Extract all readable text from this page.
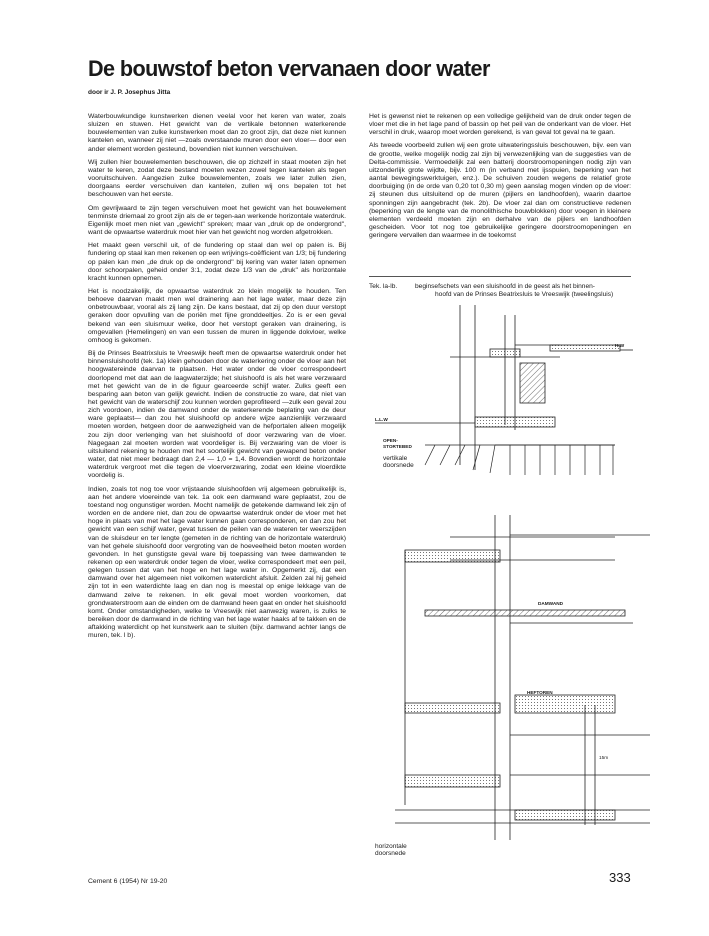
De bouwstof beton vervanaen door water
door ir J. P. Josephus Jitta

Waterbouwkundige kunstwerken dienen veelal voor het keren van water, zoals sluizen en stuwen. Het gewicht van de vertikale betonnen waterkerende bouwelementen van zulke kunstwerken moet dan zo groot zijn, dat deze niet kunnen kantelen en, wanneer zij niet —zoals overstaande muren door een vloer— door een ander element worden gesteund, bovendien niet kunnen verschuiven.

Wij zullen hier bouwelementen beschouwen, die op zichzelf in staat moeten zijn het water te keren, zodat deze bestand moeten wezen zowel tegen kantelen als tegen vooruitschuiven. Aangezien zulke bouwelementen, zoals we later zullen zien, doorgaans eerder verschuiven dan kantelen, zullen wij ons bepalen tot het beschouwen van het eerste.

Om gevrijwaard te zijn tegen verschuiven moet het gewicht van het bouwelement tenminste driemaal zo groot zijn als de er tegen-aan werkende horizontale waterdruk. Eigenlijk moet men niet van „gewicht" spreken; maar van „druk op de ondergrond", want de opwaartse waterdruk moet hier van het gewicht nog worden afgetrokken.

Het maakt geen verschil uit, of de fundering op staal dan wel op palen is. Bij fundering op staal kan men rekenen op een wrijvings-coëfficient van 1/3; bij fundering op palen kan men „de druk op de ondergrond" bij kering van water laten opnemen door schoorpalen, geheid onder 3:1, zodat deze 1/3 van de „druk" als horizontale kracht kunnen opnemen.

Het is noodzakelijk, de opwaartse waterdruk zo klein mogelijk te houden. Ten behoeve daarvan maakt men wel drainering aan het lage water, maar deze zijn onbetrouwbaar, vooral als zij lang zijn. De kans bestaat, dat zij op den duur verstopt geraken door opvulling van de poriën met fijne gronddeeltjes. Zo is er een geval bekend van een sluismuur welke, door het verstopt geraken van drainering, is omgevallen (Hemelingen) en van een tussen de muren in liggende dokvloer, welke omhoog is gekomen.

Bij de Prinses Beatrixsluis te Vreeswijk heeft men de opwaartse waterdruk onder het binnensluishoofd (tek. 1a) klein gehouden door de waterkering onder de vloer aan het hoogwatereinde daarvan te plaatsen. Het water onder de vloer correspondeert doorlopend met dat aan de laagwaterzijde; het sluishoofd is als het ware verzwaard met het gewicht van de in de figuur gearceerde schijf water. Zulks geeft een besparing aan beton van gelijk gewicht. Indien de constructie zo ware, dat niet van het gewicht van de waterschijf zou kunnen worden geprofiteerd —zulk een geval zou zich voordoen, indien de damwand onder de waterkerende beplating van de deur ware geplaatst— dan zou het sluishoofd op andere wijze aanzienlijk verzwaard moeten worden, hetgeen door de aanwezigheid van de hefportalen alleen mogelijk zou zijn door verlenging van het sluishoofd of door verzwaring van de vloer. Nagegaan zal moeten worden wat voordeliger is. Bij verzwaring van de vloer is uitsluitend rekening te houden met het soortelijk gewicht van gewapend beton onder water, dat niet meer bedraagt dan 2,4 — 1,0 = 1,4. Bovendien wordt de horizontale waterdruk vergroot met die tegen de vloerverzwaring, zodat een kleine vloerdikte voordelig is.

Indien, zoals tot nog toe voor vrijstaande sluishoofden vrij algemeen gebruikelijk is, aan het andere vloereinde van tek. 1a ook een damwand ware geplaatst, zou de toestand nog ongunstiger worden. Mocht namelijk de getekende damwand lek zijn of worden en de andere niet, dan zou de opwaartse waterdruk onder de vloer met het hoge in plaats van met het lage water kunnen gaan corresponderen, en dan zou het gewicht van een schijf water, gevat tussen de peilen van de wateren ter weerszijden van de sluisdeur en ter lengte (gemeten in de richting van de horizontale waterdruk) van het gehele sluishoofd door vergroting van de hoeveelheid beton moeten worden gevonden. In het gunstigste geval ware bij toepassing van twee damwanden te rekenen op een waterdruk onder tegen de vloer, welke correspondeert met een peil, gelegen tussen dat van het hoge en het lage water in. Opgemerkt zij, dat een damwand over het algemeen niet volkomen waterdicht afsluit. Zelden zal hij geheid zijn tot in een waterdichte laag en dan nog is meestal op enige lekkage van de damwand zelve te rekenen. In elk geval moet worden voorkomen, dat grondwaterstroom aan de einden om de damwand heen gaat en onder het sluishoofd komt. Onder omstandigheden, welke te Vreeswijk niet aanwezig waren, is zulks te bereiken door de damwand in de richting van het lage water haaks af te takken en de aftakking waterdicht op het kunstwerk aan te sluiten (bijv. damwand achter langs de muren, tek. l b).

Het is gewenst niet te rekenen op een volledige gelijkheid van de druk onder tegen de vloer met die in het lage pand of bassin op het peil van de onderkant van de vloer. Het verschil in druk, waarop moet worden gerekend, is van geval tot geval na te gaan.

Als tweede voorbeeld zullen wij een grote uitwateringssluis beschouwen, bijv. een van de grootte, welke mogelijk nodig zal zijn bij verwezenlijking van de suggesties van de Delta-commissie. Vermoedelijk zal een batterij doorstroomopeningen nodig zijn van uitzonderlijk grote wijdte, bijv. 100 m (in verband met ijsspuien, beperking van het aantal bewegingswerktuigen, enz.). De schuiven zouden wegens de relatief grote doorbuiging (in de orde van 0,20 tot 0,30 m) geen aanslag mogen vinden op de vloer: zij steunen dus uitsluitend op de muren (pijlers en landhoofden), waarin daartoe sponningen zijn aangebracht (tek. 2b). De vloer zal dan om constructieve redenen (beperking van de lengte van de monolithische bouwblokken) door voegen in kleinere elementen verdeeld moeten zijn en derhalve van de pijlers en landhoofden gescheiden. Voor tot nog toe gebruikelijke geringere doorstroomopeningen en geringere vervallen dan waarmee in de toekomst

Tek. la-lb.	beginsefschets van een sluishoofd in de geest als het binnen-
hoofd van de Prinses Beatrixsluis te Vreeswijk (tweelingsluis)
H.W
L.L.W
OPEN-
STORTEBED
vertikale
doorsnede
DAMWAND
HEFTOREN
15m
horizontale
doorsnede
Cement 6 (1954) Nr 19-20	333
